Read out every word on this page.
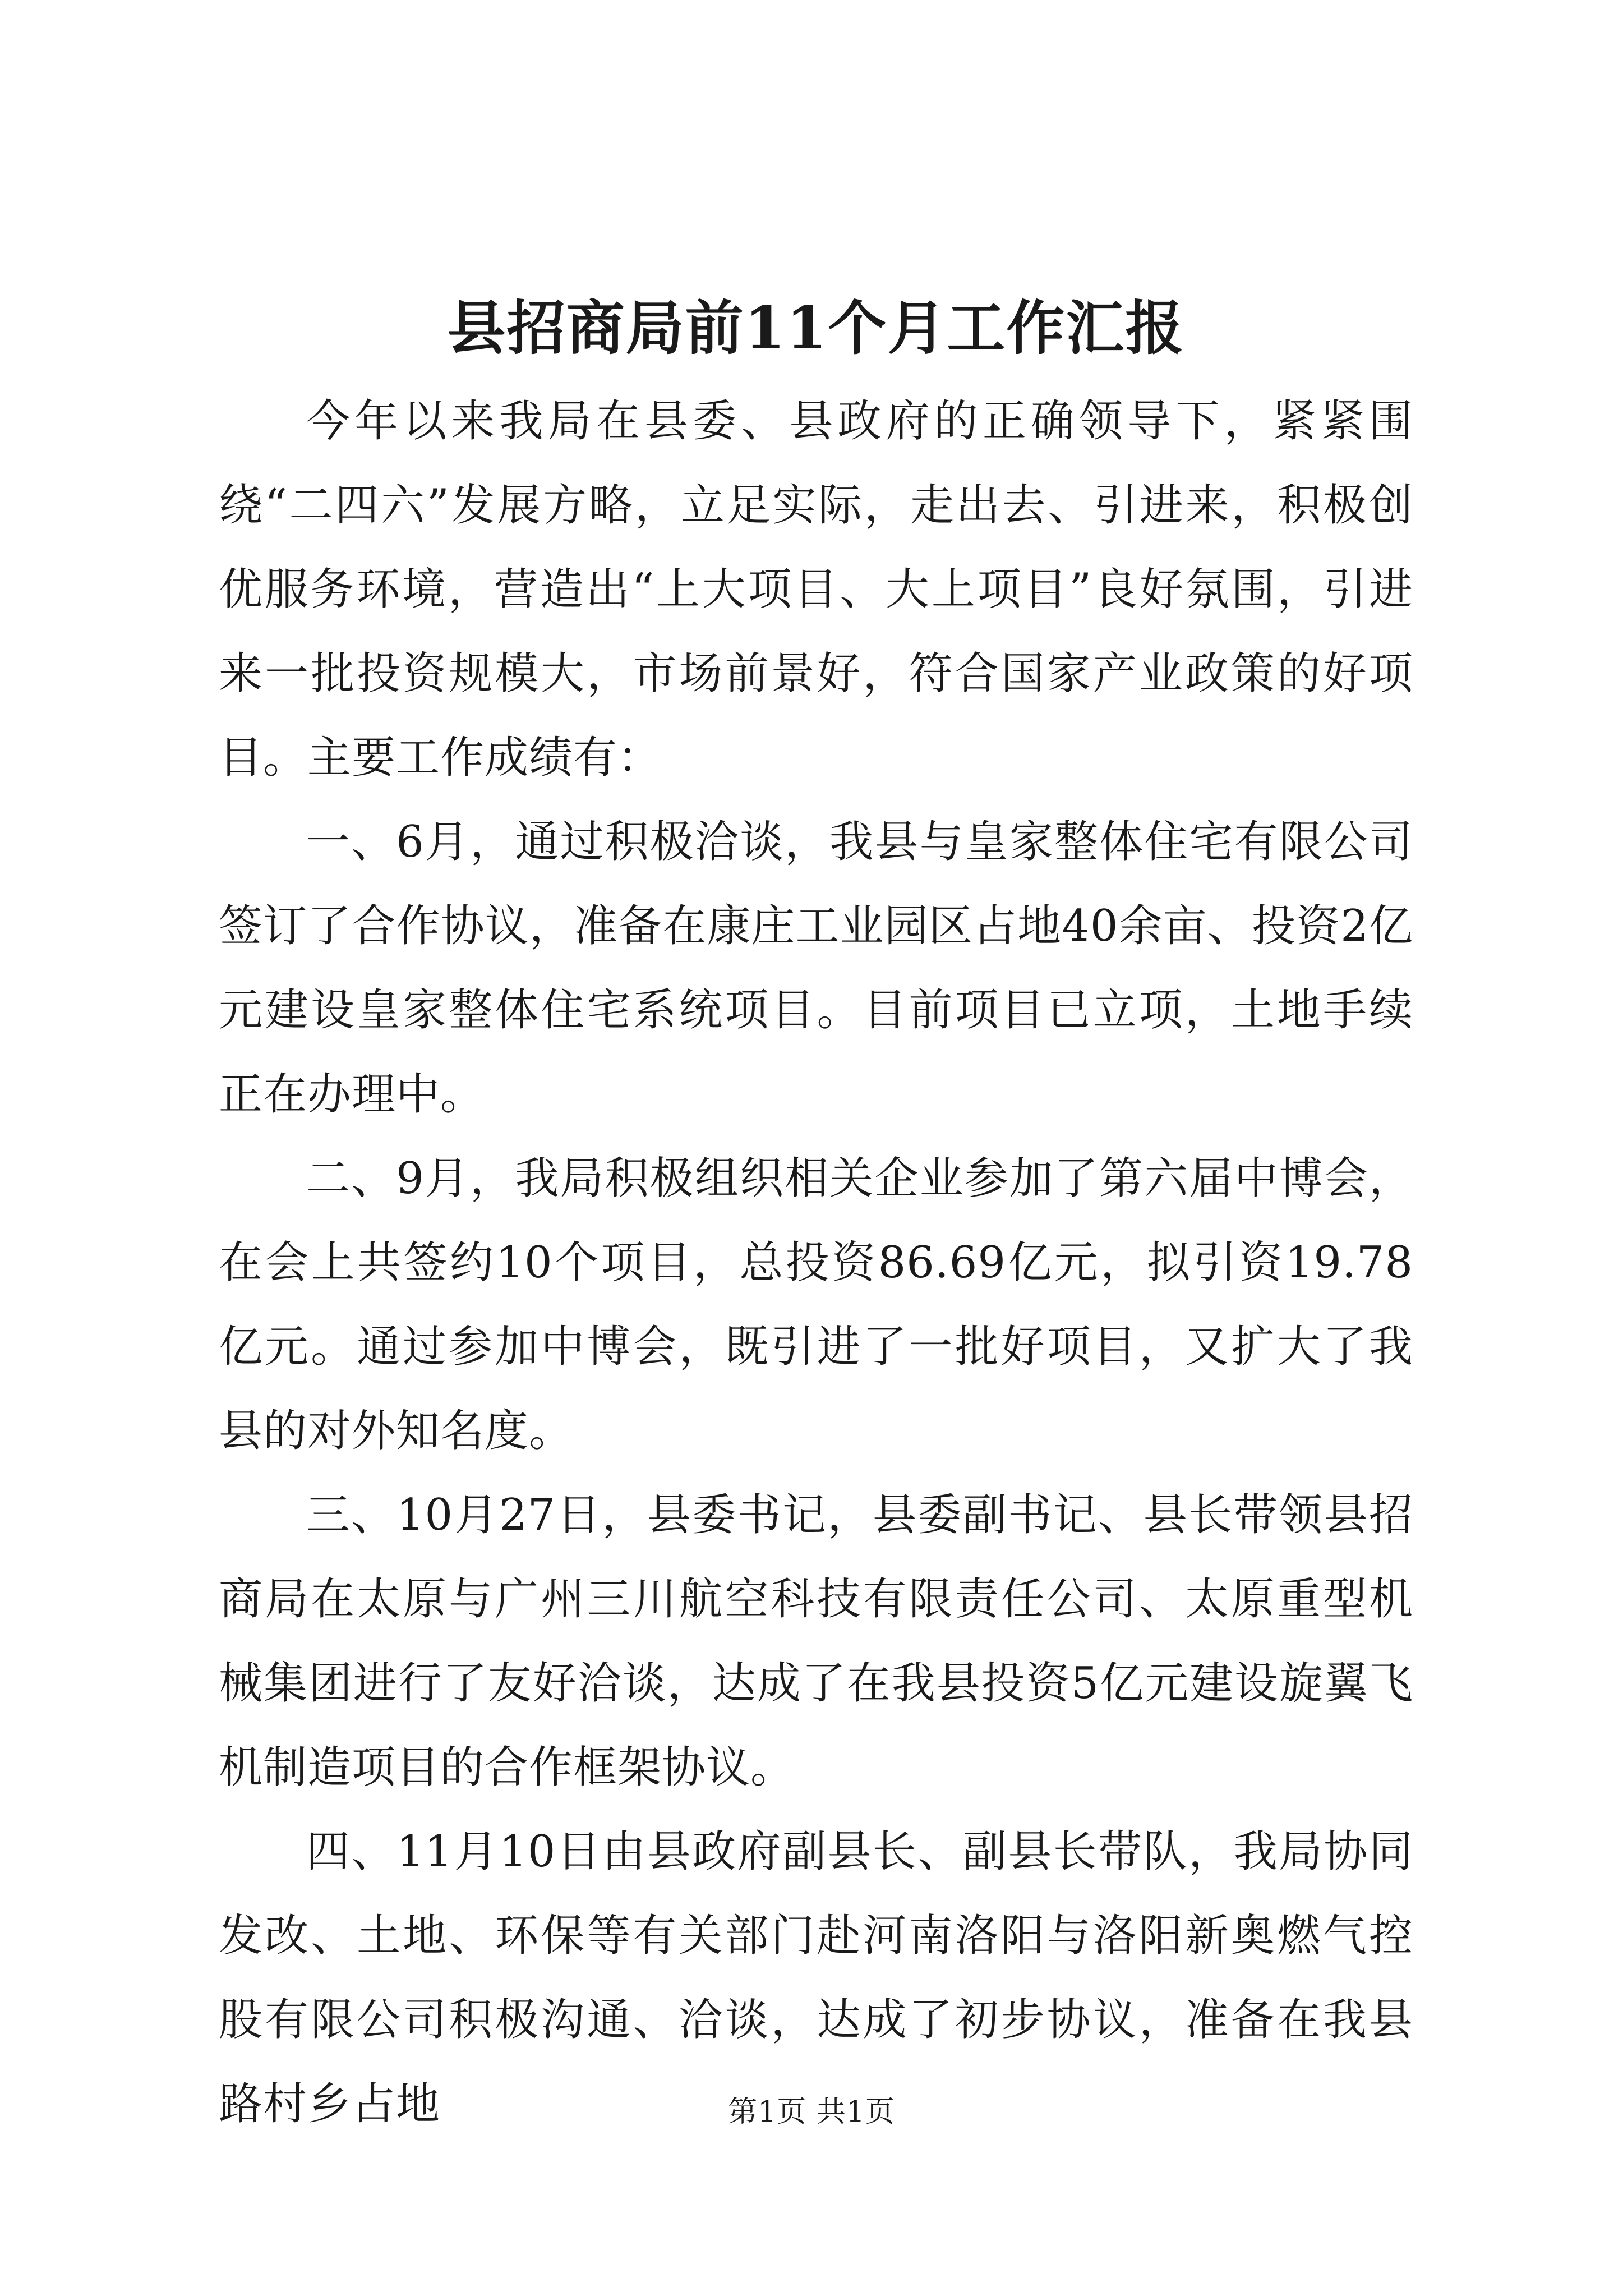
县招商局前11个月工作汇报

今年以来我局在县委、县政府的正确领导下，紧紧围绕“二四六”发展方略，立足实际，走出去、引进来，积极创优服务环境，营造出“上大项目、大上项目”良好氛围，引进来一批投资规模大，市场前景好，符合国家产业政策的好项目。主要工作成绩有：

一、6月，通过积极洽谈，我县与皇家整体住宅有限公司签订了合作协议，准备在康庄工业园区占地40余亩、投资2亿元建设皇家整体住宅系统项目。目前项目已立项，土地手续正在办理中。

二、9月，我局积极组织相关企业参加了第六届中博会，在会上共签约10个项目，总投资86.69亿元，拟引资19.78亿元。通过参加中博会，既引进了一批好项目，又扩大了我县的对外知名度。

三、10月27日，县委书记，县委副书记、县长带领县招商局在太原与广州三川航空科技有限责任公司、太原重型机械集团进行了友好洽谈，达成了在我县投资5亿元建设旋翼飞机制造项目的合作框架协议。

四、11月10日由县政府副县长、副县长带队，我局协同发改、土地、环保等有关部门赴河南洛阳与洛阳新奥燃气控股有限公司积极沟通、洽谈，达成了初步协议，准备在我县路村乡占地	第1页 共1页
